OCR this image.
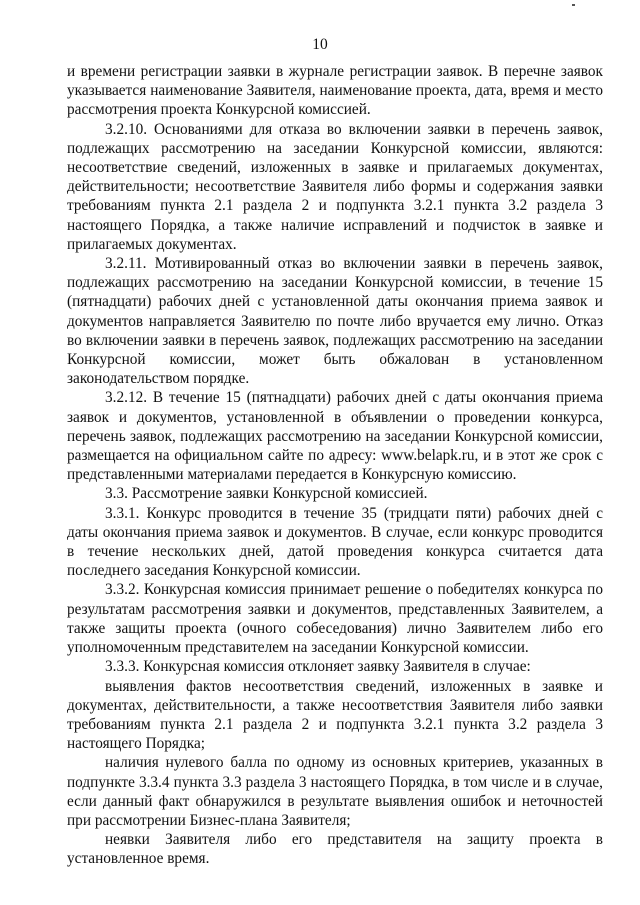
10

и времени регистрации заявки в журнале регистрации заявок. В перечне заявок указывается наименование Заявителя, наименование проекта, дата, время и место рассмотрения проекта Конкурсной комиссией.

3.2.10. Основаниями для отказа во включении заявки в перечень заявок, подлежащих рассмотрению на заседании Конкурсной комиссии, являются: несоответствие сведений, изложенных в заявке и прилагаемых документах, действительности; несоответствие Заявителя либо формы и содержания заявки требованиям пункта 2.1 раздела 2 и подпункта 3.2.1 пункта 3.2 раздела 3 настоящего Порядка, а также наличие исправлений и подчисток в заявке и прилагаемых документах.

3.2.11. Мотивированный отказ во включении заявки в перечень заявок, подлежащих рассмотрению на заседании Конкурсной комиссии, в течение 15 (пятнадцати) рабочих дней с установленной даты окончания приема заявок и документов направляется Заявителю по почте либо вручается ему лично. Отказ во включении заявки в перечень заявок, подлежащих рассмотрению на заседании Конкурсной комиссии, может быть обжалован в установленном законодательством порядке.

3.2.12. В течение 15 (пятнадцати) рабочих дней с даты окончания приема заявок и документов, установленной в объявлении о проведении конкурса, перечень заявок, подлежащих рассмотрению на заседании Конкурсной комиссии, размещается на официальном сайте по адресу: www.belapk.ru, и в этот же срок с представленными материалами передается в Конкурсную комиссию.

3.3. Рассмотрение заявки Конкурсной комиссией.

3.3.1. Конкурс проводится в течение 35 (тридцати пяти) рабочих дней с даты окончания приема заявок и документов. В случае, если конкурс проводится в течение нескольких дней, датой проведения конкурса считается дата последнего заседания Конкурсной комиссии.

3.3.2. Конкурсная комиссия принимает решение о победителях конкурса по результатам рассмотрения заявки и документов, представленных Заявителем, а также защиты проекта (очного собеседования) лично Заявителем либо его уполномоченным представителем на заседании Конкурсной комиссии.

3.3.3. Конкурсная комиссия отклоняет заявку Заявителя в случае:

выявления фактов несоответствия сведений, изложенных в заявке и документах, действительности, а также несоответствия Заявителя либо заявки требованиям пункта 2.1 раздела 2 и подпункта 3.2.1 пункта 3.2 раздела 3 настоящего Порядка;

наличия нулевого балла по одному из основных критериев, указанных в подпункте 3.3.4 пункта 3.3 раздела 3 настоящего Порядка, в том числе и в случае, если данный факт обнаружился в результате выявления ошибок и неточностей при рассмотрении Бизнес-плана Заявителя;

неявки Заявителя либо его представителя на защиту проекта в установленное время.
